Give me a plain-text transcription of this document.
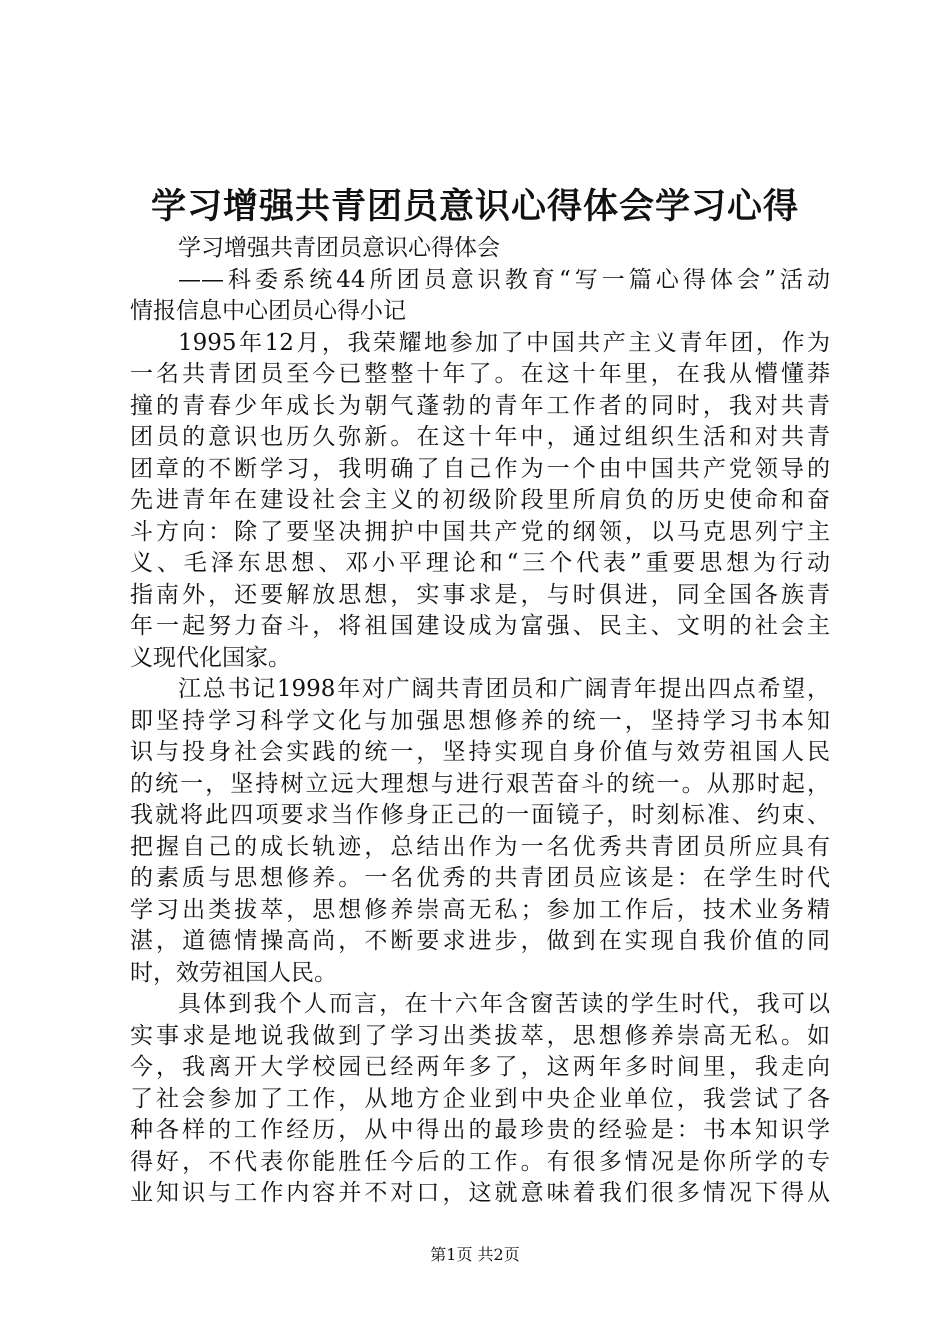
学习增强共青团员意识心得体会学习心得
学习增强共青团员意识心得体会
——科委系统44所团员意识教育“写一篇心得体会”活动
情报信息中心团员心得小记
1995年12月，我荣耀地参加了中国共产主义青年团，作为
一名共青团员至今已整整十年了。在这十年里，在我从懵懂莽
撞的青春少年成长为朝气蓬勃的青年工作者的同时，我对共青
团员的意识也历久弥新。在这十年中，通过组织生活和对共青
团章的不断学习，我明确了自己作为一个由中国共产党领导的
先进青年在建设社会主义的初级阶段里所肩负的历史使命和奋
斗方向：除了要坚决拥护中国共产党的纲领，以马克思列宁主
义、毛泽东思想、邓小平理论和“三个代表”重要思想为行动
指南外，还要解放思想，实事求是，与时俱进，同全国各族青
年一起努力奋斗，将祖国建设成为富强、民主、文明的社会主
义现代化国家。
江总书记1998年对广阔共青团员和广阔青年提出四点希望，
即坚持学习科学文化与加强思想修养的统一，坚持学习书本知
识与投身社会实践的统一，坚持实现自身价值与效劳祖国人民
的统一，坚持树立远大理想与进行艰苦奋斗的统一。从那时起，
我就将此四项要求当作修身正己的一面镜子，时刻标准、约束、
把握自己的成长轨迹，总结出作为一名优秀共青团员所应具有
的素质与思想修养。一名优秀的共青团员应该是：在学生时代
学习出类拔萃，思想修养崇高无私；参加工作后，技术业务精
湛，道德情操高尚，不断要求进步，做到在实现自我价值的同
时，效劳祖国人民。
具体到我个人而言，在十六年含窗苦读的学生时代，我可以
实事求是地说我做到了学习出类拔萃，思想修养崇高无私。如
今，我离开大学校园已经两年多了，这两年多时间里，我走向
了社会参加了工作，从地方企业到中央企业单位，我尝试了各
种各样的工作经历，从中得出的最珍贵的经验是：书本知识学
得好，不代表你能胜任今后的工作。有很多情况是你所学的专
业知识与工作内容并不对口，这就意味着我们很多情况下得从
第1页 共2页
